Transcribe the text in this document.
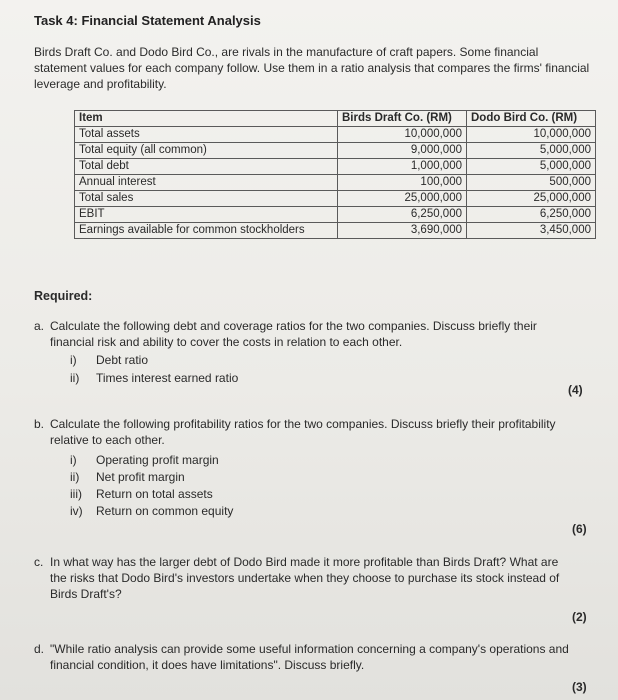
Task 4: Financial Statement Analysis
Birds Draft Co. and Dodo Bird Co., are rivals in the manufacture of craft papers. Some financial statement values for each company follow. Use them in a ratio analysis that compares the firms' financial leverage and profitability.
Item	Birds Draft Co. (RM)	Dodo Bird Co. (RM)
Total assets	10,000,000	10,000,000
Total equity (all common)	9,000,000	5,000,000
Total debt	1,000,000	5,000,000
Annual interest	100,000	500,000
Total sales	25,000,000	25,000,000
EBIT	6,250,000	6,250,000
Earnings available for common stockholders	3,690,000	3,450,000
Required:
a. Calculate the following debt and coverage ratios for the two companies. Discuss briefly their financial risk and ability to cover the costs in relation to each other.
i) Debt ratio
ii) Times interest earned ratio
(4)
b. Calculate the following profitability ratios for the two companies. Discuss briefly their profitability relative to each other.
i) Operating profit margin
ii) Net profit margin
iii) Return on total assets
iv) Return on common equity
(6)
c. In what way has the larger debt of Dodo Bird made it more profitable than Birds Draft? What are the risks that Dodo Bird's investors undertake when they choose to purchase its stock instead of Birds Draft's?
(2)
d. "While ratio analysis can provide some useful information concerning a company's operations and financial condition, it does have limitations". Discuss briefly.
(3)
